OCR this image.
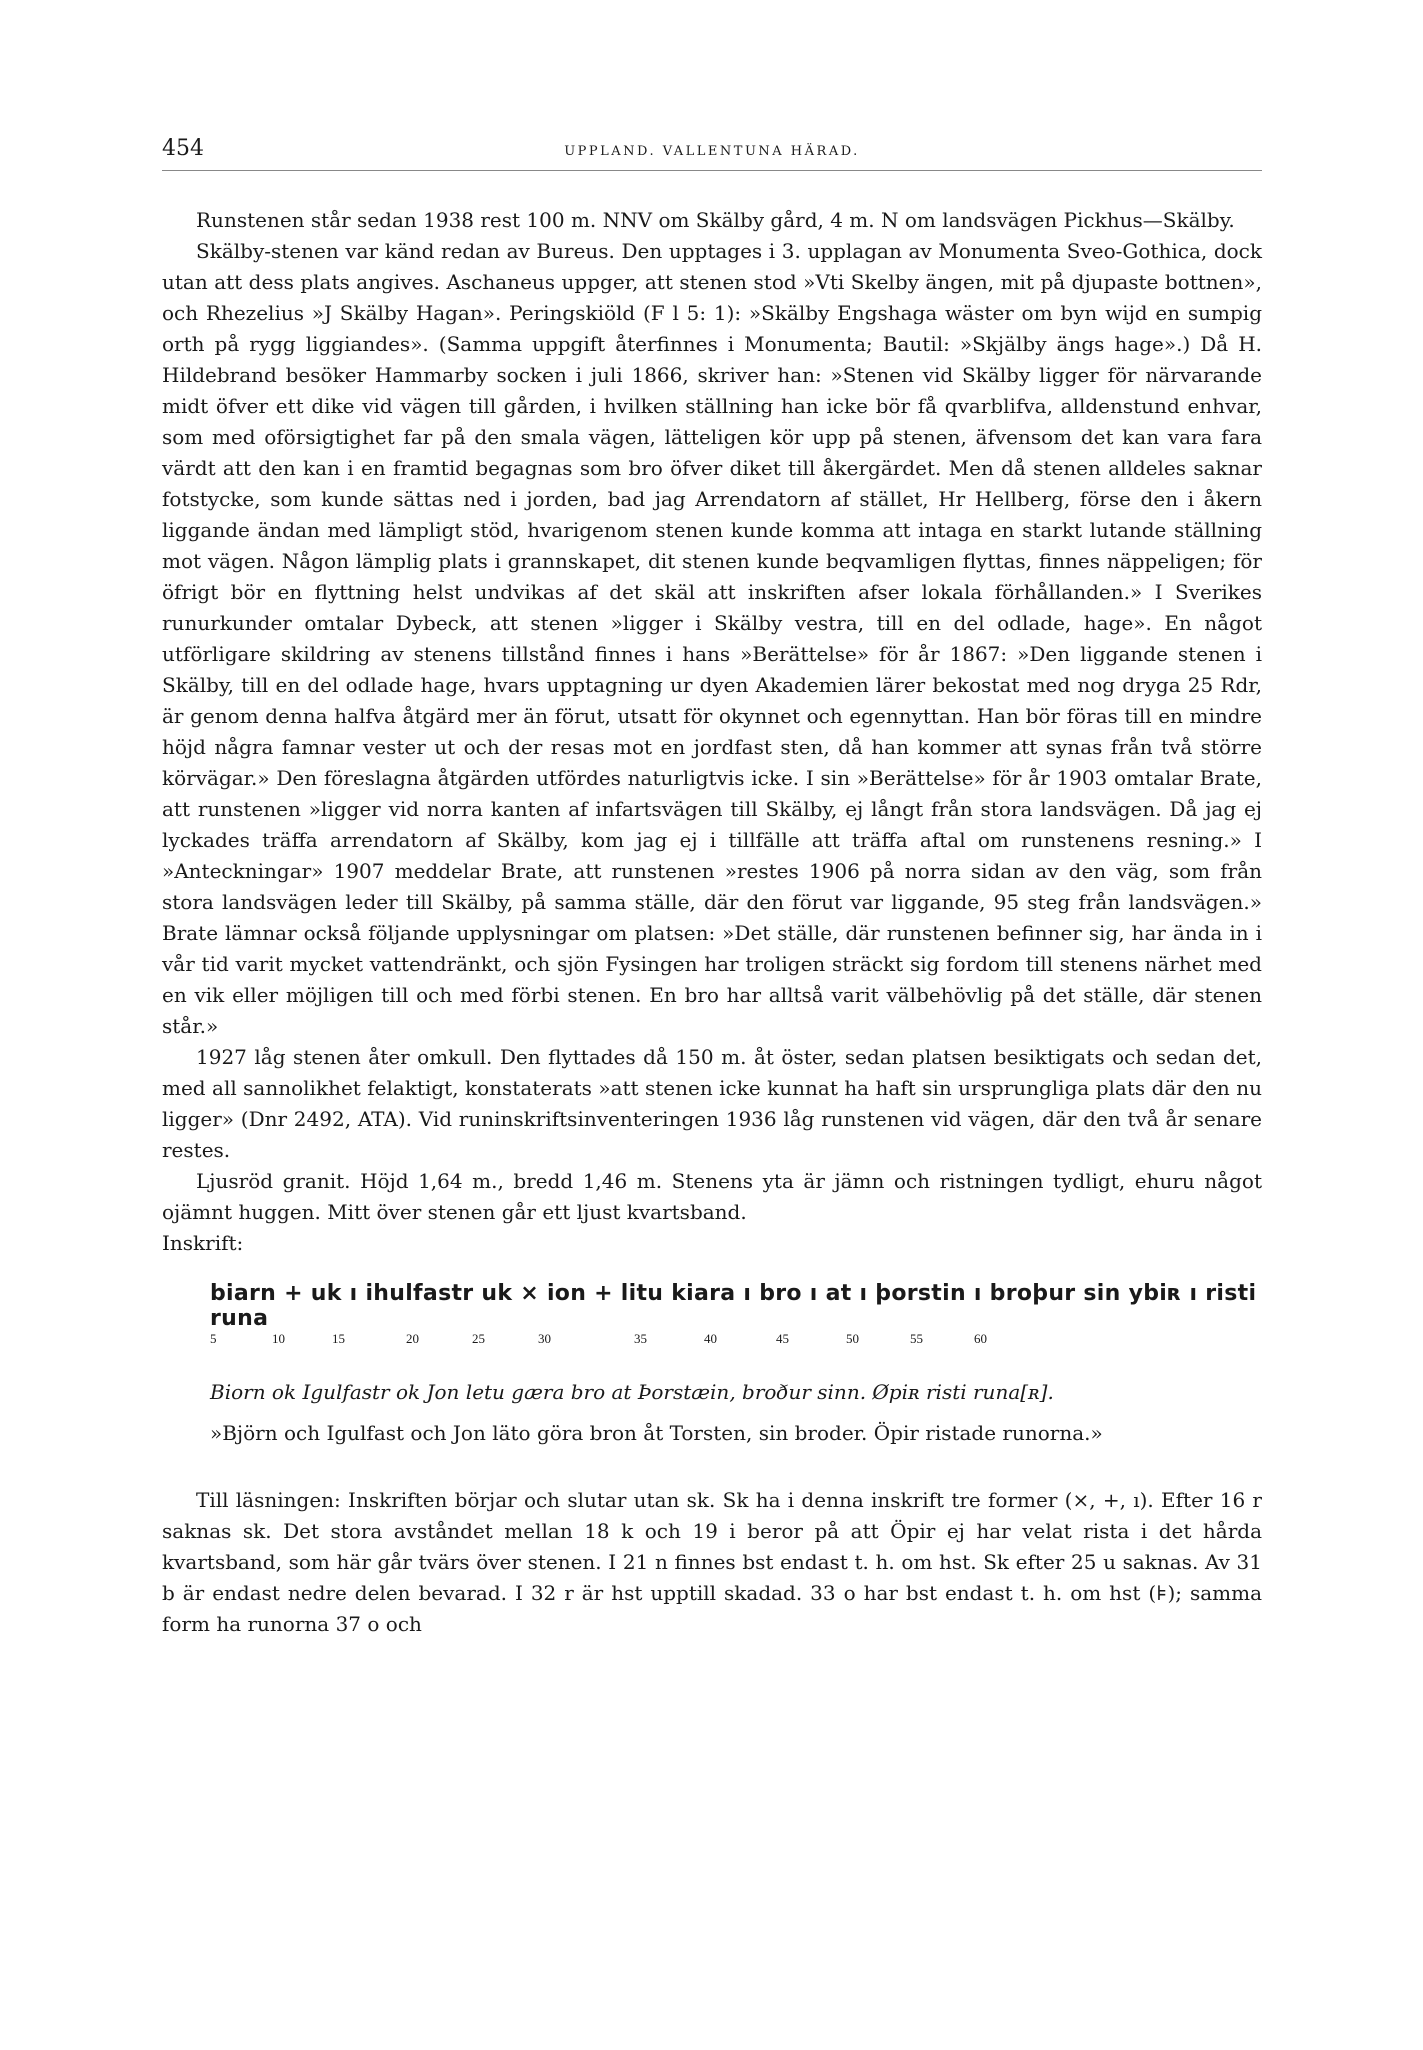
454	UPPLAND. VALLENTUNA HÄRAD.

Runstenen står sedan 1938 rest 100 m. NNV om Skälby gård, 4 m. N om landsvägen Pickhus—Skälby.

Skälby-stenen var känd redan av Bureus. Den upptages i 3. upplagan av Monumenta Sveo-Gothica, dock utan att dess plats angives. Aschaneus uppger, att stenen stod »Vti Skelby ängen, mit på djupaste bottnen», och Rhezelius »J Skälby Hagan». Peringskiöld (F l 5: 1): »Skälby Engshaga wäster om byn wijd en sumpig orth på rygg liggiandes». (Samma uppgift återfinnes i Monumenta; Bautil: »Skjälby ängs hage».) Då H. Hildebrand besöker Hammarby socken i juli 1866, skriver han: »Stenen vid Skälby ligger för närvarande midt öfver ett dike vid vägen till gården, i hvilken ställning han icke bör få qvarblifva, alldenstund enhvar, som med oförsigtighet far på den smala vägen, lätteligen kör upp på stenen, äfvensom det kan vara fara värdt att den kan i en framtid begagnas som bro öfver diket till åkergärdet. Men då stenen alldeles saknar fotstycke, som kunde sättas ned i jorden, bad jag Arrendatorn af stället, Hr Hellberg, förse den i åkern liggande ändan med lämpligt stöd, hvarigenom stenen kunde komma att intaga en starkt lutande ställning mot vägen. Någon lämplig plats i grannskapet, dit stenen kunde beqvamligen flyttas, finnes näppeligen; för öfrigt bör en flyttning helst undvikas af det skäl att inskriften afser lokala förhållanden.» I Sverikes runurkunder omtalar Dybeck, att stenen »ligger i Skälby vestra, till en del odlade, hage». En något utförligare skildring av stenens tillstånd finnes i hans »Berättelse» för år 1867: »Den liggande stenen i Skälby, till en del odlade hage, hvars upptagning ur dyen Akademien lärer bekostat med nog dryga 25 Rdr, är genom denna halfva åtgärd mer än förut, utsatt för okynnet och egennyttan. Han bör föras till en mindre höjd några famnar vester ut och der resas mot en jordfast sten, då han kommer att synas från två större körvägar.» Den föreslagna åtgärden utfördes naturligtvis icke. I sin »Berättelse» för år 1903 omtalar Brate, att runstenen »ligger vid norra kanten af infartsvägen till Skälby, ej långt från stora landsvägen. Då jag ej lyckades träffa arrendatorn af Skälby, kom jag ej i tillfälle att träffa aftal om runstenens resning.» I »Anteckningar» 1907 meddelar Brate, att runstenen »restes 1906 på norra sidan av den väg, som från stora landsvägen leder till Skälby, på samma ställe, där den förut var liggande, 95 steg från landsvägen.» Brate lämnar också följande upplysningar om platsen: »Det ställe, där runstenen befinner sig, har ända in i vår tid varit mycket vattendränkt, och sjön Fysingen har troligen sträckt sig fordom till stenens närhet med en vik eller möjligen till och med förbi stenen. En bro har alltså varit välbehövlig på det ställe, där stenen står.»

1927 låg stenen åter omkull. Den flyttades då 150 m. åt öster, sedan platsen besiktigats och sedan det, med all sannolikhet felaktigt, konstaterats »att stenen icke kunnat ha haft sin ursprungliga plats där den nu ligger» (Dnr 2492, ATA). Vid runinskriftsinventeringen 1936 låg runstenen vid vägen, där den två år senare restes.

Ljusröd granit. Höjd 1,64 m., bredd 1,46 m. Stenens yta är jämn och ristningen tydligt, ehuru något ojämnt huggen. Mitt över stenen går ett ljust kvartsband.

Inskrift:

biarn + uk ı ihulfastr uk × ion + litu kiara ı bro ı at ı þorstin ı broþur sin ybiʀ ı risti runa
5	10	15	20	25	30	35	40	45	50	55	60

Biorn ok Igulfastr ok Jon letu gæra bro at Þorstæin, broður sinn. Øpiʀ risti runa[ʀ].

»Björn och Igulfast och Jon läto göra bron åt Torsten, sin broder. Öpir ristade runorna.»

Till läsningen: Inskriften börjar och slutar utan sk. Sk ha i denna inskrift tre former (×, +, ı). Efter 16 r saknas sk. Det stora avståndet mellan 18 k och 19 i beror på att Öpir ej har velat rista i det hårda kvartsband, som här går tvärs över stenen. I 21 n finnes bst endast t. h. om hst. Sk efter 25 u saknas. Av 31 b är endast nedre delen bevarad. I 32 r är hst upptill skadad. 33 o har bst endast t. h. om hst (⊧); samma form ha runorna 37 o och
